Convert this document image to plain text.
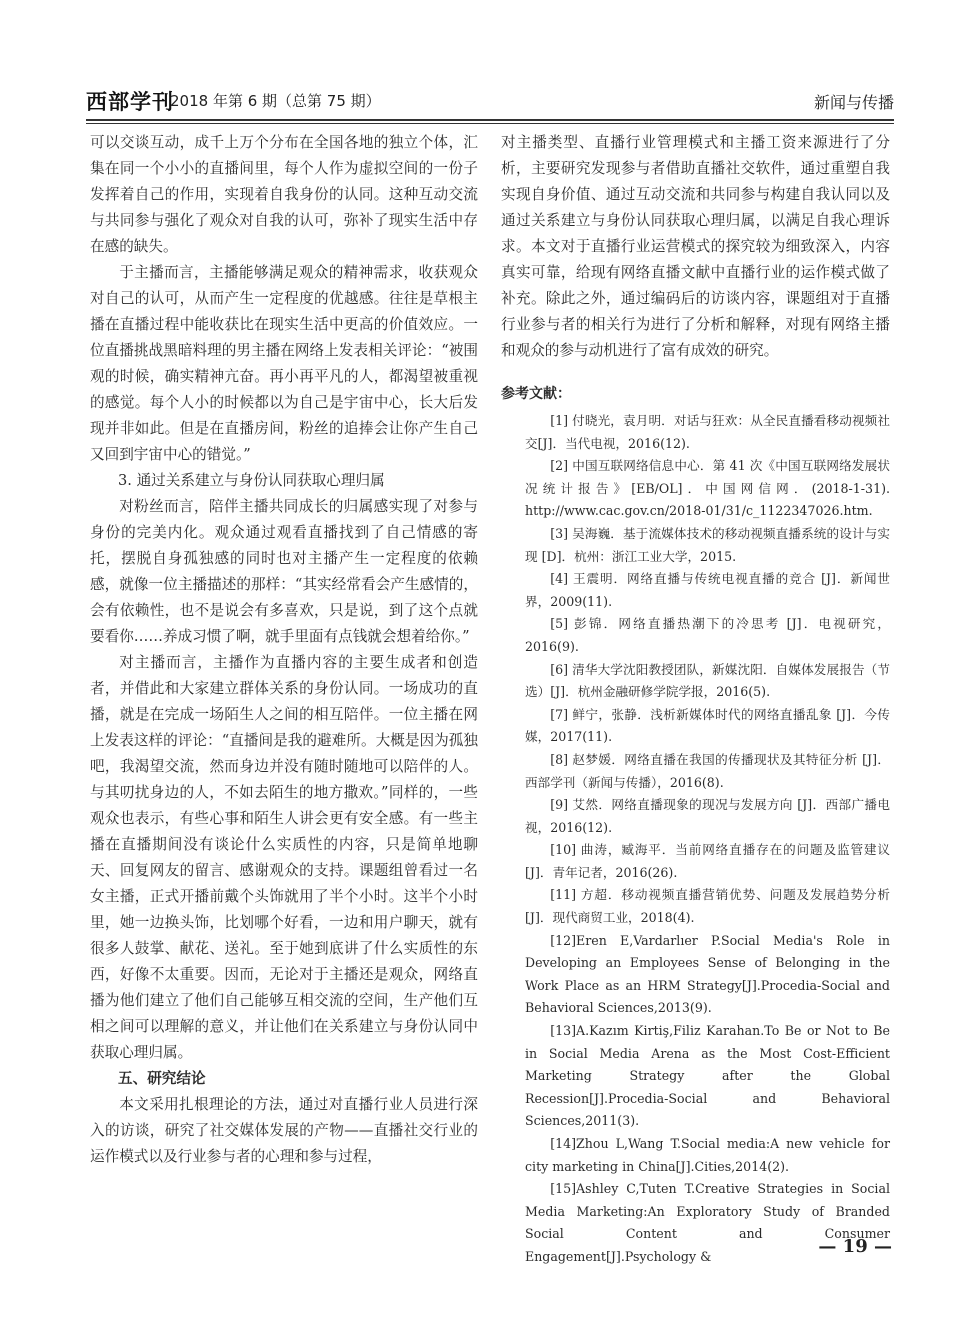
西部学刊
2018 年第 6 期（总第 75 期）	新闻与传播

可以交谈互动，成千上万个分布在全国各地的独立个体，汇集在同一个小小的直播间里，每个人作为虚拟空间的一份子发挥着自己的作用，实现着自我身份的认同。这种互动交流与共同参与强化了观众对自我的认可，弥补了现实生活中存在感的缺失。

于主播而言，主播能够满足观众的精神需求，收获观众对自己的认可，从而产生一定程度的优越感。往往是草根主播在直播过程中能收获比在现实生活中更高的价值效应。一位直播挑战黑暗料理的男主播在网络上发表相关评论：“被围观的时候，确实精神亢奋。再小再平凡的人，都渴望被重视的感觉。每个人小的时候都以为自己是宇宙中心，长大后发现并非如此。但是在直播房间，粉丝的追捧会让你产生自己又回到宇宙中心的错觉。”

3. 通过关系建立与身份认同获取心理归属

对粉丝而言，陪伴主播共同成长的归属感实现了对参与身份的完美内化。观众通过观看直播找到了自己情感的寄托，摆脱自身孤独感的同时也对主播产生一定程度的依赖感，就像一位主播描述的那样：“其实经常看会产生感情的，会有依赖性，也不是说会有多喜欢，只是说，到了这个点就要看你……养成习惯了啊，就手里面有点钱就会想着给你。”

对主播而言，主播作为直播内容的主要生成者和创造者，并借此和大家建立群体关系的身份认同。一场成功的直播，就是在完成一场陌生人之间的相互陪伴。一位主播在网上发表这样的评论：“直播间是我的避难所。大概是因为孤独吧，我渴望交流，然而身边并没有随时随地可以陪伴的人。与其叨扰身边的人，不如去陌生的地方撒欢。”同样的，一些观众也表示，有些心事和陌生人讲会更有安全感。有一些主播在直播期间没有谈论什么实质性的内容，只是简单地聊天、回复网友的留言、感谢观众的支持。课题组曾看过一名女主播，正式开播前戴个头饰就用了半个小时。这半个小时里，她一边换头饰，比划哪个好看，一边和用户聊天，就有很多人鼓掌、献花、送礼。至于她到底讲了什么实质性的东西，好像不太重要。因而，无论对于主播还是观众，网络直播为他们建立了他们自己能够互相交流的空间，生产他们互相之间可以理解的意义，并让他们在关系建立与身份认同中获取心理归属。

五、研究结论

本文采用扎根理论的方法，通过对直播行业人员进行深入的访谈，研究了社交媒体发展的产物——直播社交行业的运作模式以及行业参与者的心理和参与过程，

对主播类型、直播行业管理模式和主播工资来源进行了分析，主要研究发现参与者借助直播社交软件，通过重塑自我实现自身价值、通过互动交流和共同参与构建自我认同以及通过关系建立与身份认同获取心理归属，以满足自我心理诉求。本文对于直播行业运营模式的探究较为细致深入，内容真实可靠，给现有网络直播文献中直播行业的运作模式做了补充。除此之外，通过编码后的访谈内容，课题组对于直播行业参与者的相关行为进行了分析和解释，对现有网络主播和观众的参与动机进行了富有成效的研究。

参考文献：

[1] 付晓光，袁月明．对话与狂欢：从全民直播看移动视频社交[J]．当代电视，2016(12).

[2] 中国互联网络信息中心．第 41 次《中国互联网络发展状况统计报告》[EB/OL]．中国网信网．(2018-1-31). http://www.cac.gov.cn/2018-01/31/c_1122347026.htm.

[3] 吴海巍．基于流媒体技术的移动视频直播系统的设计与实现 [D]．杭州：浙江工业大学，2015.

[4] 王震明．网络直播与传统电视直播的竞合 [J]．新闻世界，2009(11).

[5] 彭锦．网络直播热潮下的冷思考 [J]．电视研究，2016(9).

[6] 清华大学沈阳教授团队，新媒沈阳．自媒体发展报告（节选）[J]．杭州金融研修学院学报，2016(5).

[7] 鲜宁，张静．浅析新媒体时代的网络直播乱象 [J]．今传媒，2017(11).

[8] 赵梦媛．网络直播在我国的传播现状及其特征分析 [J]．西部学刊（新闻与传播），2016(8).

[9] 艾然．网络直播现象的现况与发展方向 [J]．西部广播电视，2016(12).

[10] 曲涛，臧海平．当前网络直播存在的问题及监管建议 [J]．青年记者，2016(26).

[11] 方超．移动视频直播营销优势、问题及发展趋势分析 [J]．现代商贸工业，2018(4).

[12]Eren E,Vardarlıer P.Social Media's Role in Developing an Employees Sense of Belonging in the Work Place as an HRM Strategy[J].Procedia-Social and Behavioral Sciences,2013(9).

[13]A.Kazım Kirtiş,Filiz Karahan.To Be or Not to Be in Social Media Arena as the Most Cost-Efficient Marketing Strategy after the Global Recession[J].Procedia-Social and Behavioral Sciences,2011(3).

[14]Zhou L,Wang T.Social media:A new vehicle for city marketing in China[J].Cities,2014(2).

[15]Ashley C,Tuten T.Creative Strategies in Social Media Marketing:An Exploratory Study of Branded Social Content and Consumer Engagement[J].Psychology &	— 19 —
